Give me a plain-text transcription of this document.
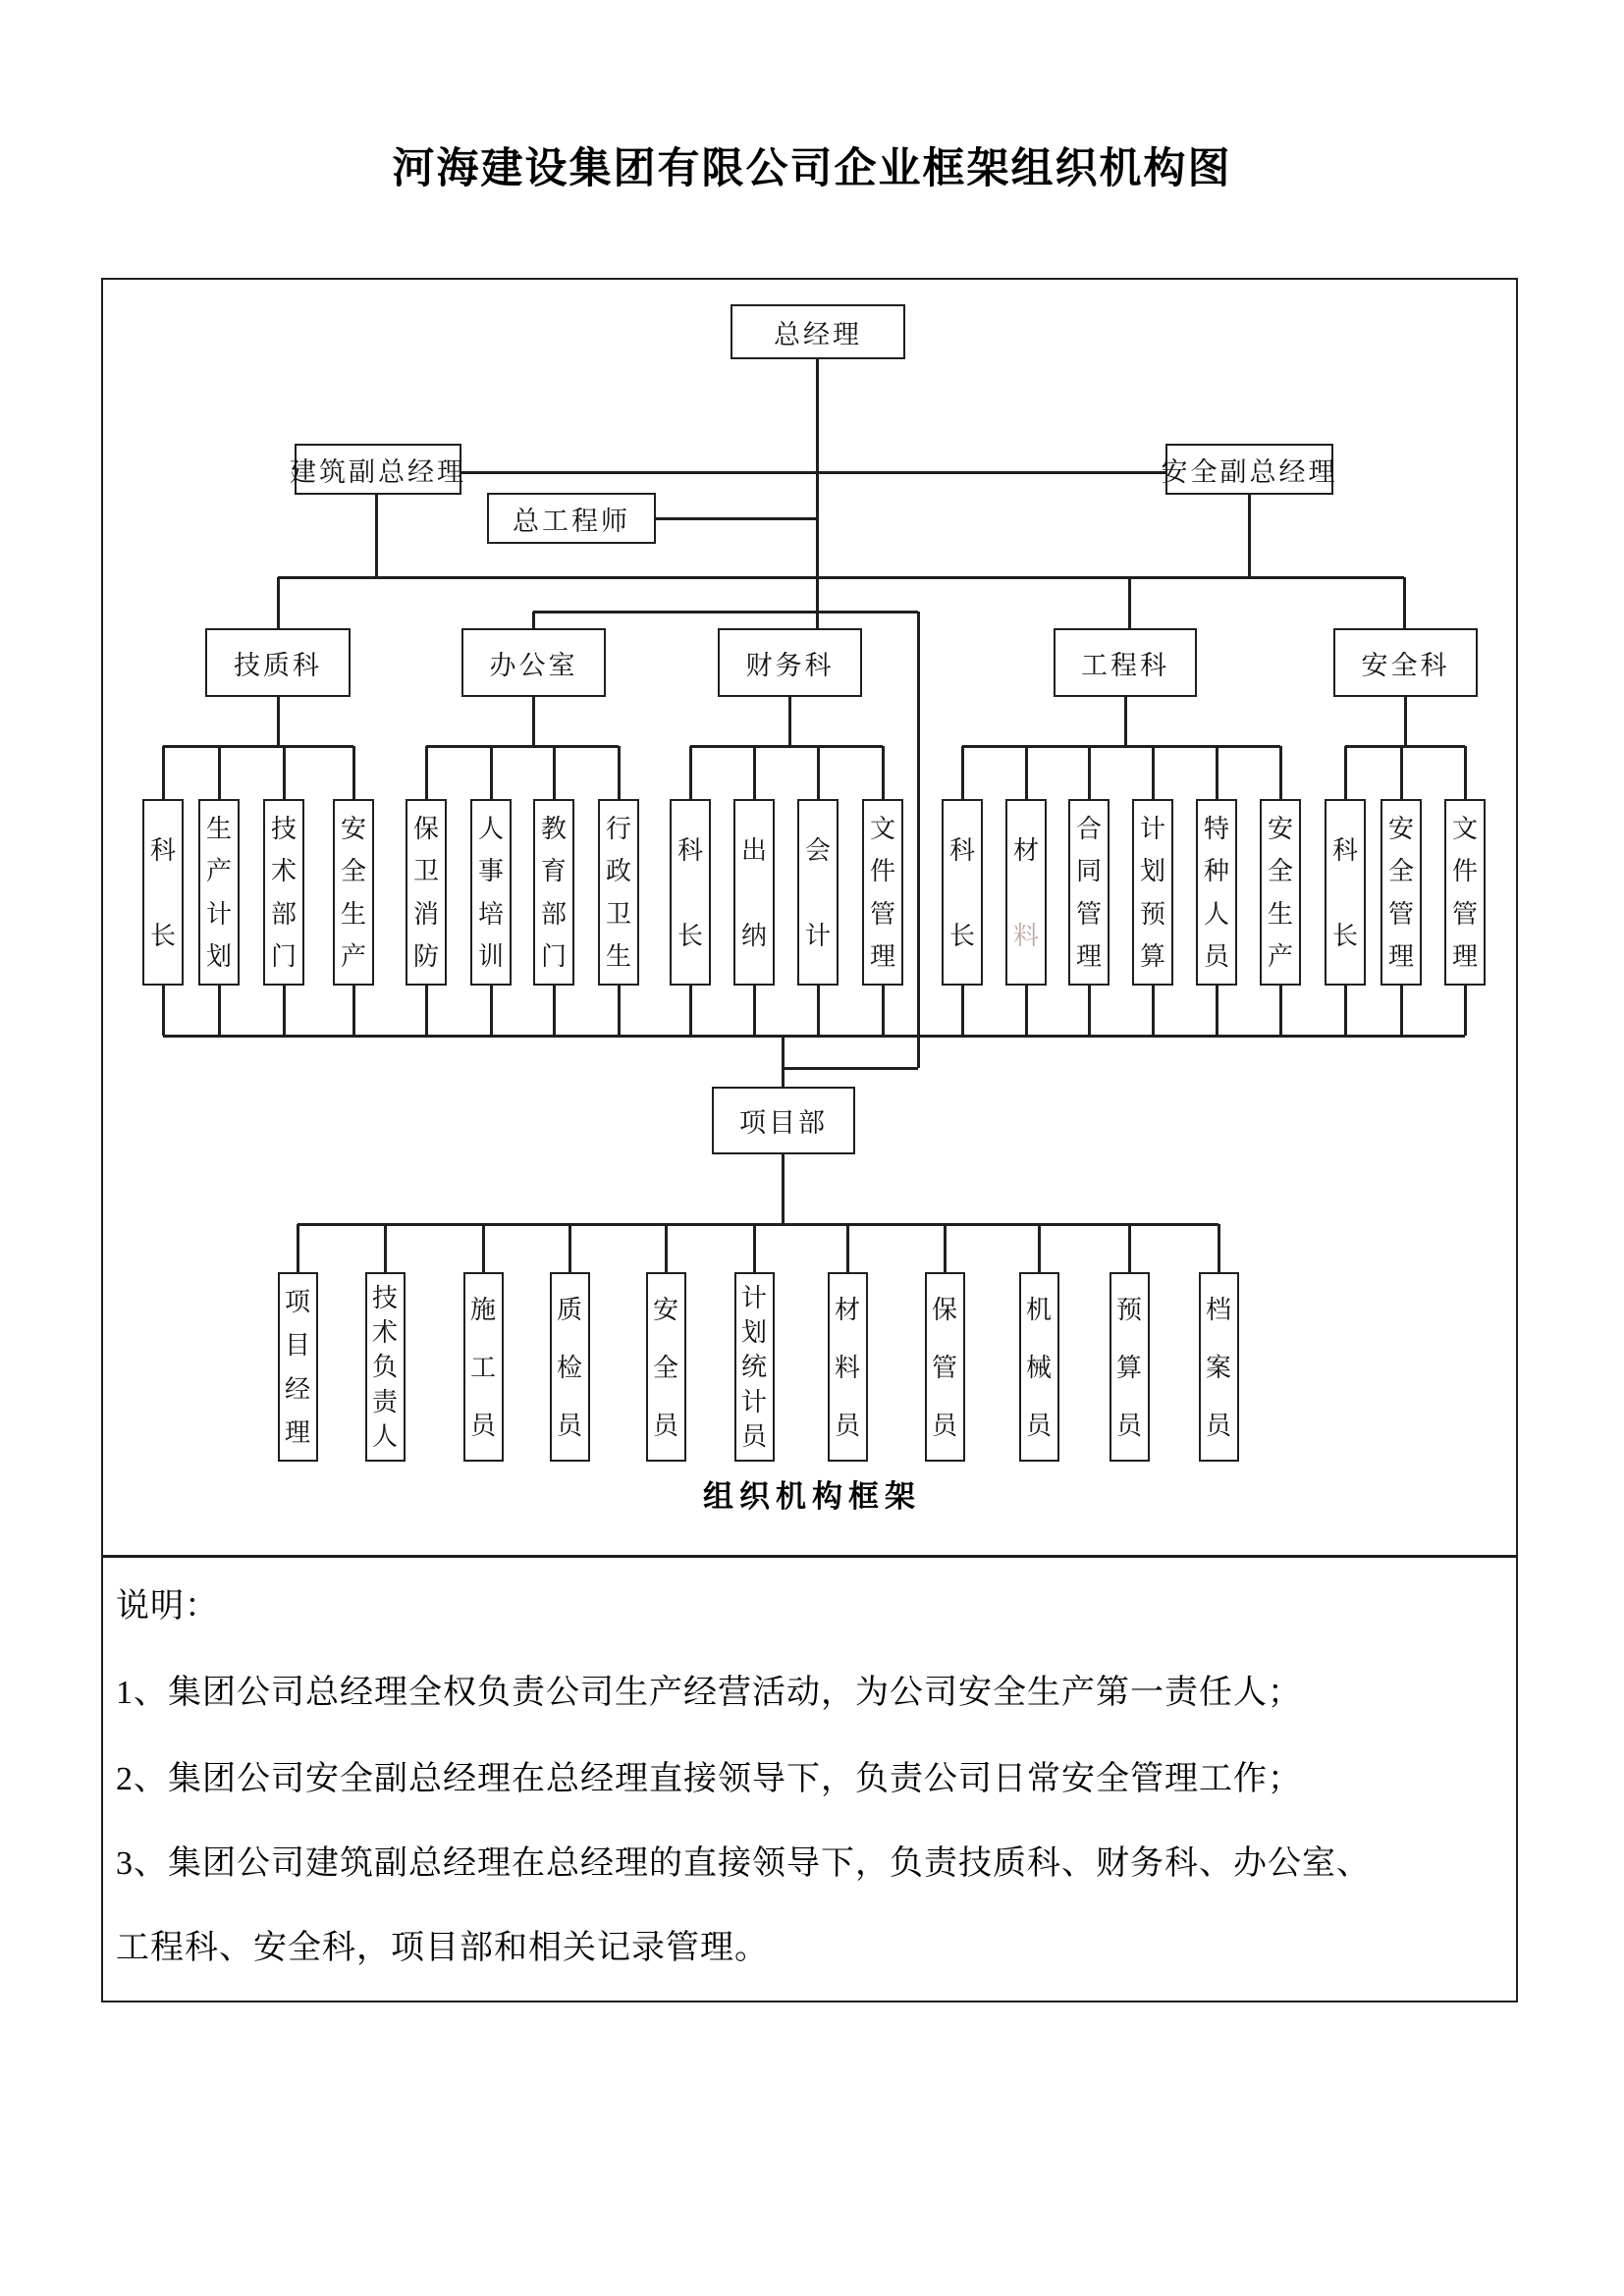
河海建设集团有限公司企业框架组织机构图
总经理
建筑副总经理
总工程师
安全副总经理
技质科	办公室	财务科	工程科	安全科
项目部
组织机构框架
说明：
1、集团公司总经理全权负责公司生产经营活动，为公司安全生产第一责任人；
2、集团公司安全副总经理在总经理直接领导下，负责公司日常安全管理工作；
3、集团公司建筑副总经理在总经理的直接领导下，负责技质科、财务科、办公室、
工程科、安全科，项目部和相关记录管理。
科
长
生
产
计
划
技
术
部
门
安
全
生
产
保
卫
消
防
人
事
培
训
教
育
部
门
行
政
卫
生
科
长
出
纳
会
计
文
件
管
理
科
长
材
料
合
同
管
理
计
划
预
算
特
种
人
员
安
全
生
产
科
长
安
全
管
理
文
件
管
理
项
目
经
理
技
术
负
责
人
施
工
员
质
检
员
安
全
员
计
划
统
计
员
材
料
员
保
管
员
机
械
员
预
算
员
档
案
员
